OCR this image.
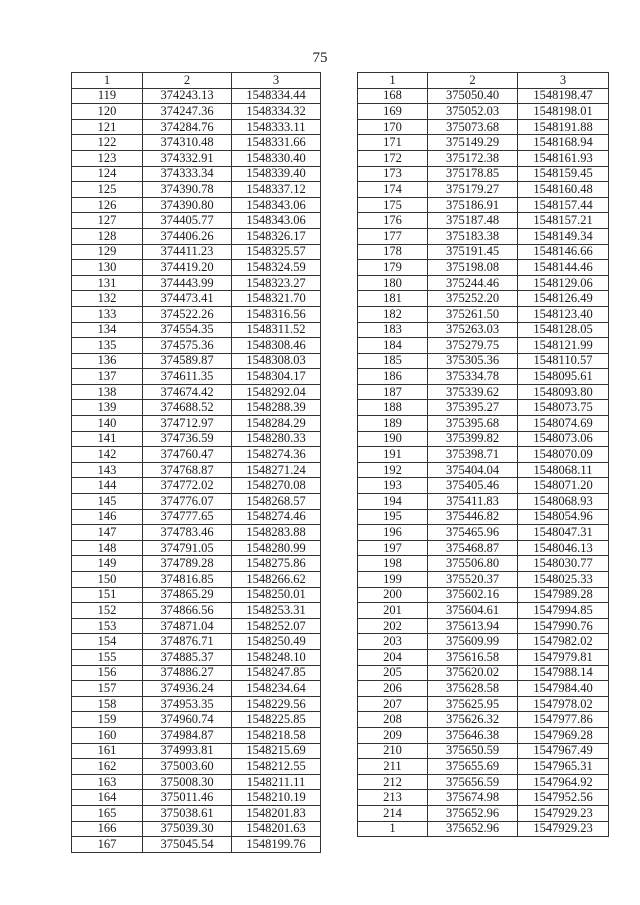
75
1	2	3
119	374243.13	1548334.44
120	374247.36	1548334.32
121	374284.76	1548333.11
122	374310.48	1548331.66
123	374332.91	1548330.40
124	374333.34	1548339.40
125	374390.78	1548337.12
126	374390.80	1548343.06
127	374405.77	1548343.06
128	374406.26	1548326.17
129	374411.23	1548325.57
130	374419.20	1548324.59
131	374443.99	1548323.27
132	374473.41	1548321.70
133	374522.26	1548316.56
134	374554.35	1548311.52
135	374575.36	1548308.46
136	374589.87	1548308.03
137	374611.35	1548304.17
138	374674.42	1548292.04
139	374688.52	1548288.39
140	374712.97	1548284.29
141	374736.59	1548280.33
142	374760.47	1548274.36
143	374768.87	1548271.24
144	374772.02	1548270.08
145	374776.07	1548268.57
146	374777.65	1548274.46
147	374783.46	1548283.88
148	374791.05	1548280.99
149	374789.28	1548275.86
150	374816.85	1548266.62
151	374865.29	1548250.01
152	374866.56	1548253.31
153	374871.04	1548252.07
154	374876.71	1548250.49
155	374885.37	1548248.10
156	374886.27	1548247.85
157	374936.24	1548234.64
158	374953.35	1548229.56
159	374960.74	1548225.85
160	374984.87	1548218.58
161	374993.81	1548215.69
162	375003.60	1548212.55
163	375008.30	1548211.11
164	375011.46	1548210.19
165	375038.61	1548201.83
166	375039.30	1548201.63
167	375045.54	1548199.76
1	2	3
168	375050.40	1548198.47
169	375052.03	1548198.01
170	375073.68	1548191.88
171	375149.29	1548168.94
172	375172.38	1548161.93
173	375178.85	1548159.45
174	375179.27	1548160.48
175	375186.91	1548157.44
176	375187.48	1548157.21
177	375183.38	1548149.34
178	375191.45	1548146.66
179	375198.08	1548144.46
180	375244.46	1548129.06
181	375252.20	1548126.49
182	375261.50	1548123.40
183	375263.03	1548128.05
184	375279.75	1548121.99
185	375305.36	1548110.57
186	375334.78	1548095.61
187	375339.62	1548093.80
188	375395.27	1548073.75
189	375395.68	1548074.69
190	375399.82	1548073.06
191	375398.71	1548070.09
192	375404.04	1548068.11
193	375405.46	1548071.20
194	375411.83	1548068.93
195	375446.82	1548054.96
196	375465.96	1548047.31
197	375468.87	1548046.13
198	375506.80	1548030.77
199	375520.37	1548025.33
200	375602.16	1547989.28
201	375604.61	1547994.85
202	375613.94	1547990.76
203	375609.99	1547982.02
204	375616.58	1547979.81
205	375620.02	1547988.14
206	375628.58	1547984.40
207	375625.95	1547978.02
208	375626.32	1547977.86
209	375646.38	1547969.28
210	375650.59	1547967.49
211	375655.69	1547965.31
212	375656.59	1547964.92
213	375674.98	1547952.56
214	375652.96	1547929.23
1	375652.96	1547929.23
